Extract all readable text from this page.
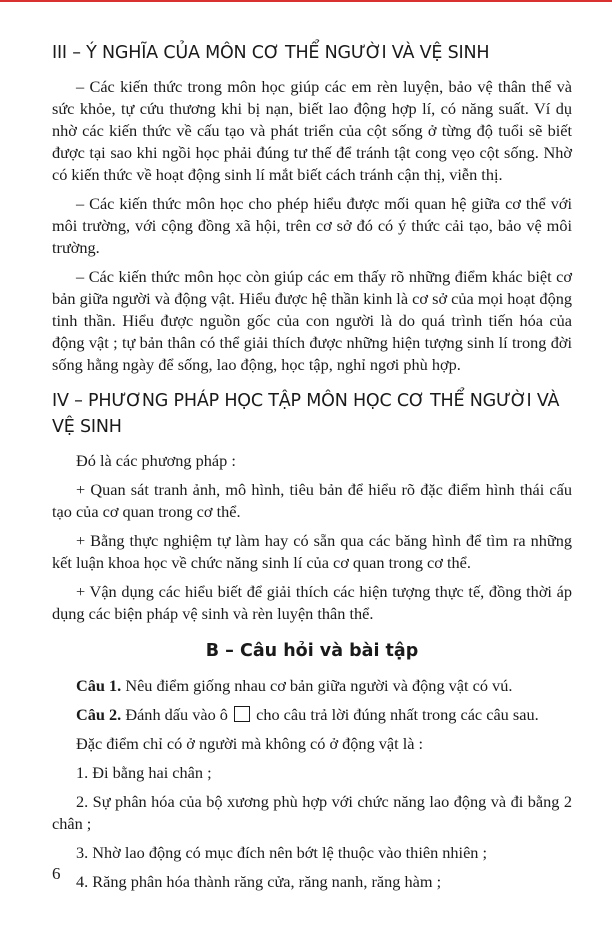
III – Ý NGHĨA CỦA MÔN CƠ THỂ NGƯỜI VÀ VỆ SINH

– Các kiến thức trong môn học giúp các em rèn luyện, bảo vệ thân thể và sức khỏe, tự cứu thương khi bị nạn, biết lao động hợp lí, có năng suất. Ví dụ nhờ các kiến thức về cấu tạo và phát triển của cột sống ở từng độ tuổi sẽ biết được tại sao khi ngồi học phải đúng tư thế để tránh tật cong vẹo cột sống. Nhờ có kiến thức về hoạt động sinh lí mắt biết cách tránh cận thị, viễn thị.

– Các kiến thức môn học cho phép hiểu được mối quan hệ giữa cơ thể với môi trường, với cộng đồng xã hội, trên cơ sở đó có ý thức cải tạo, bảo vệ môi trường.

– Các kiến thức môn học còn giúp các em thấy rõ những điểm khác biệt cơ bản giữa người và động vật. Hiểu được hệ thần kinh là cơ sở của mọi hoạt động tinh thần. Hiểu được nguồn gốc của con người là do quá trình tiến hóa của động vật ; tự bản thân có thể giải thích được những hiện tượng sinh lí trong đời sống hằng ngày để sống, lao động, học tập, nghỉ ngơi phù hợp.

IV – PHƯƠNG PHÁP HỌC TẬP MÔN HỌC CƠ THỂ NGƯỜI VÀ VỆ SINH

Đó là các phương pháp :

+ Quan sát tranh ảnh, mô hình, tiêu bản để hiểu rõ đặc điểm hình thái cấu tạo của cơ quan trong cơ thể.

+ Bằng thực nghiệm tự làm hay có sẵn qua các băng hình để tìm ra những kết luận khoa học về chức năng sinh lí của cơ quan trong cơ thể.

+ Vận dụng các hiểu biết để giải thích các hiện tượng thực tế, đồng thời áp dụng các biện pháp vệ sinh và rèn luyện thân thể.

B – Câu hỏi và bài tập

Câu 1. Nêu điểm giống nhau cơ bản giữa người và động vật có vú.

Câu 2. Đánh dấu vào ô  cho câu trả lời đúng nhất trong các câu sau.

Đặc điểm chỉ có ở người mà không có ở động vật là :

1. Đi bằng hai chân ;

2. Sự phân hóa của bộ xương phù hợp với chức năng lao động và đi bằng 2 chân ;

3. Nhờ lao động có mục đích nên bớt lệ thuộc vào thiên nhiên ;

4. Răng phân hóa thành răng cửa, răng nanh, răng hàm ;

6
